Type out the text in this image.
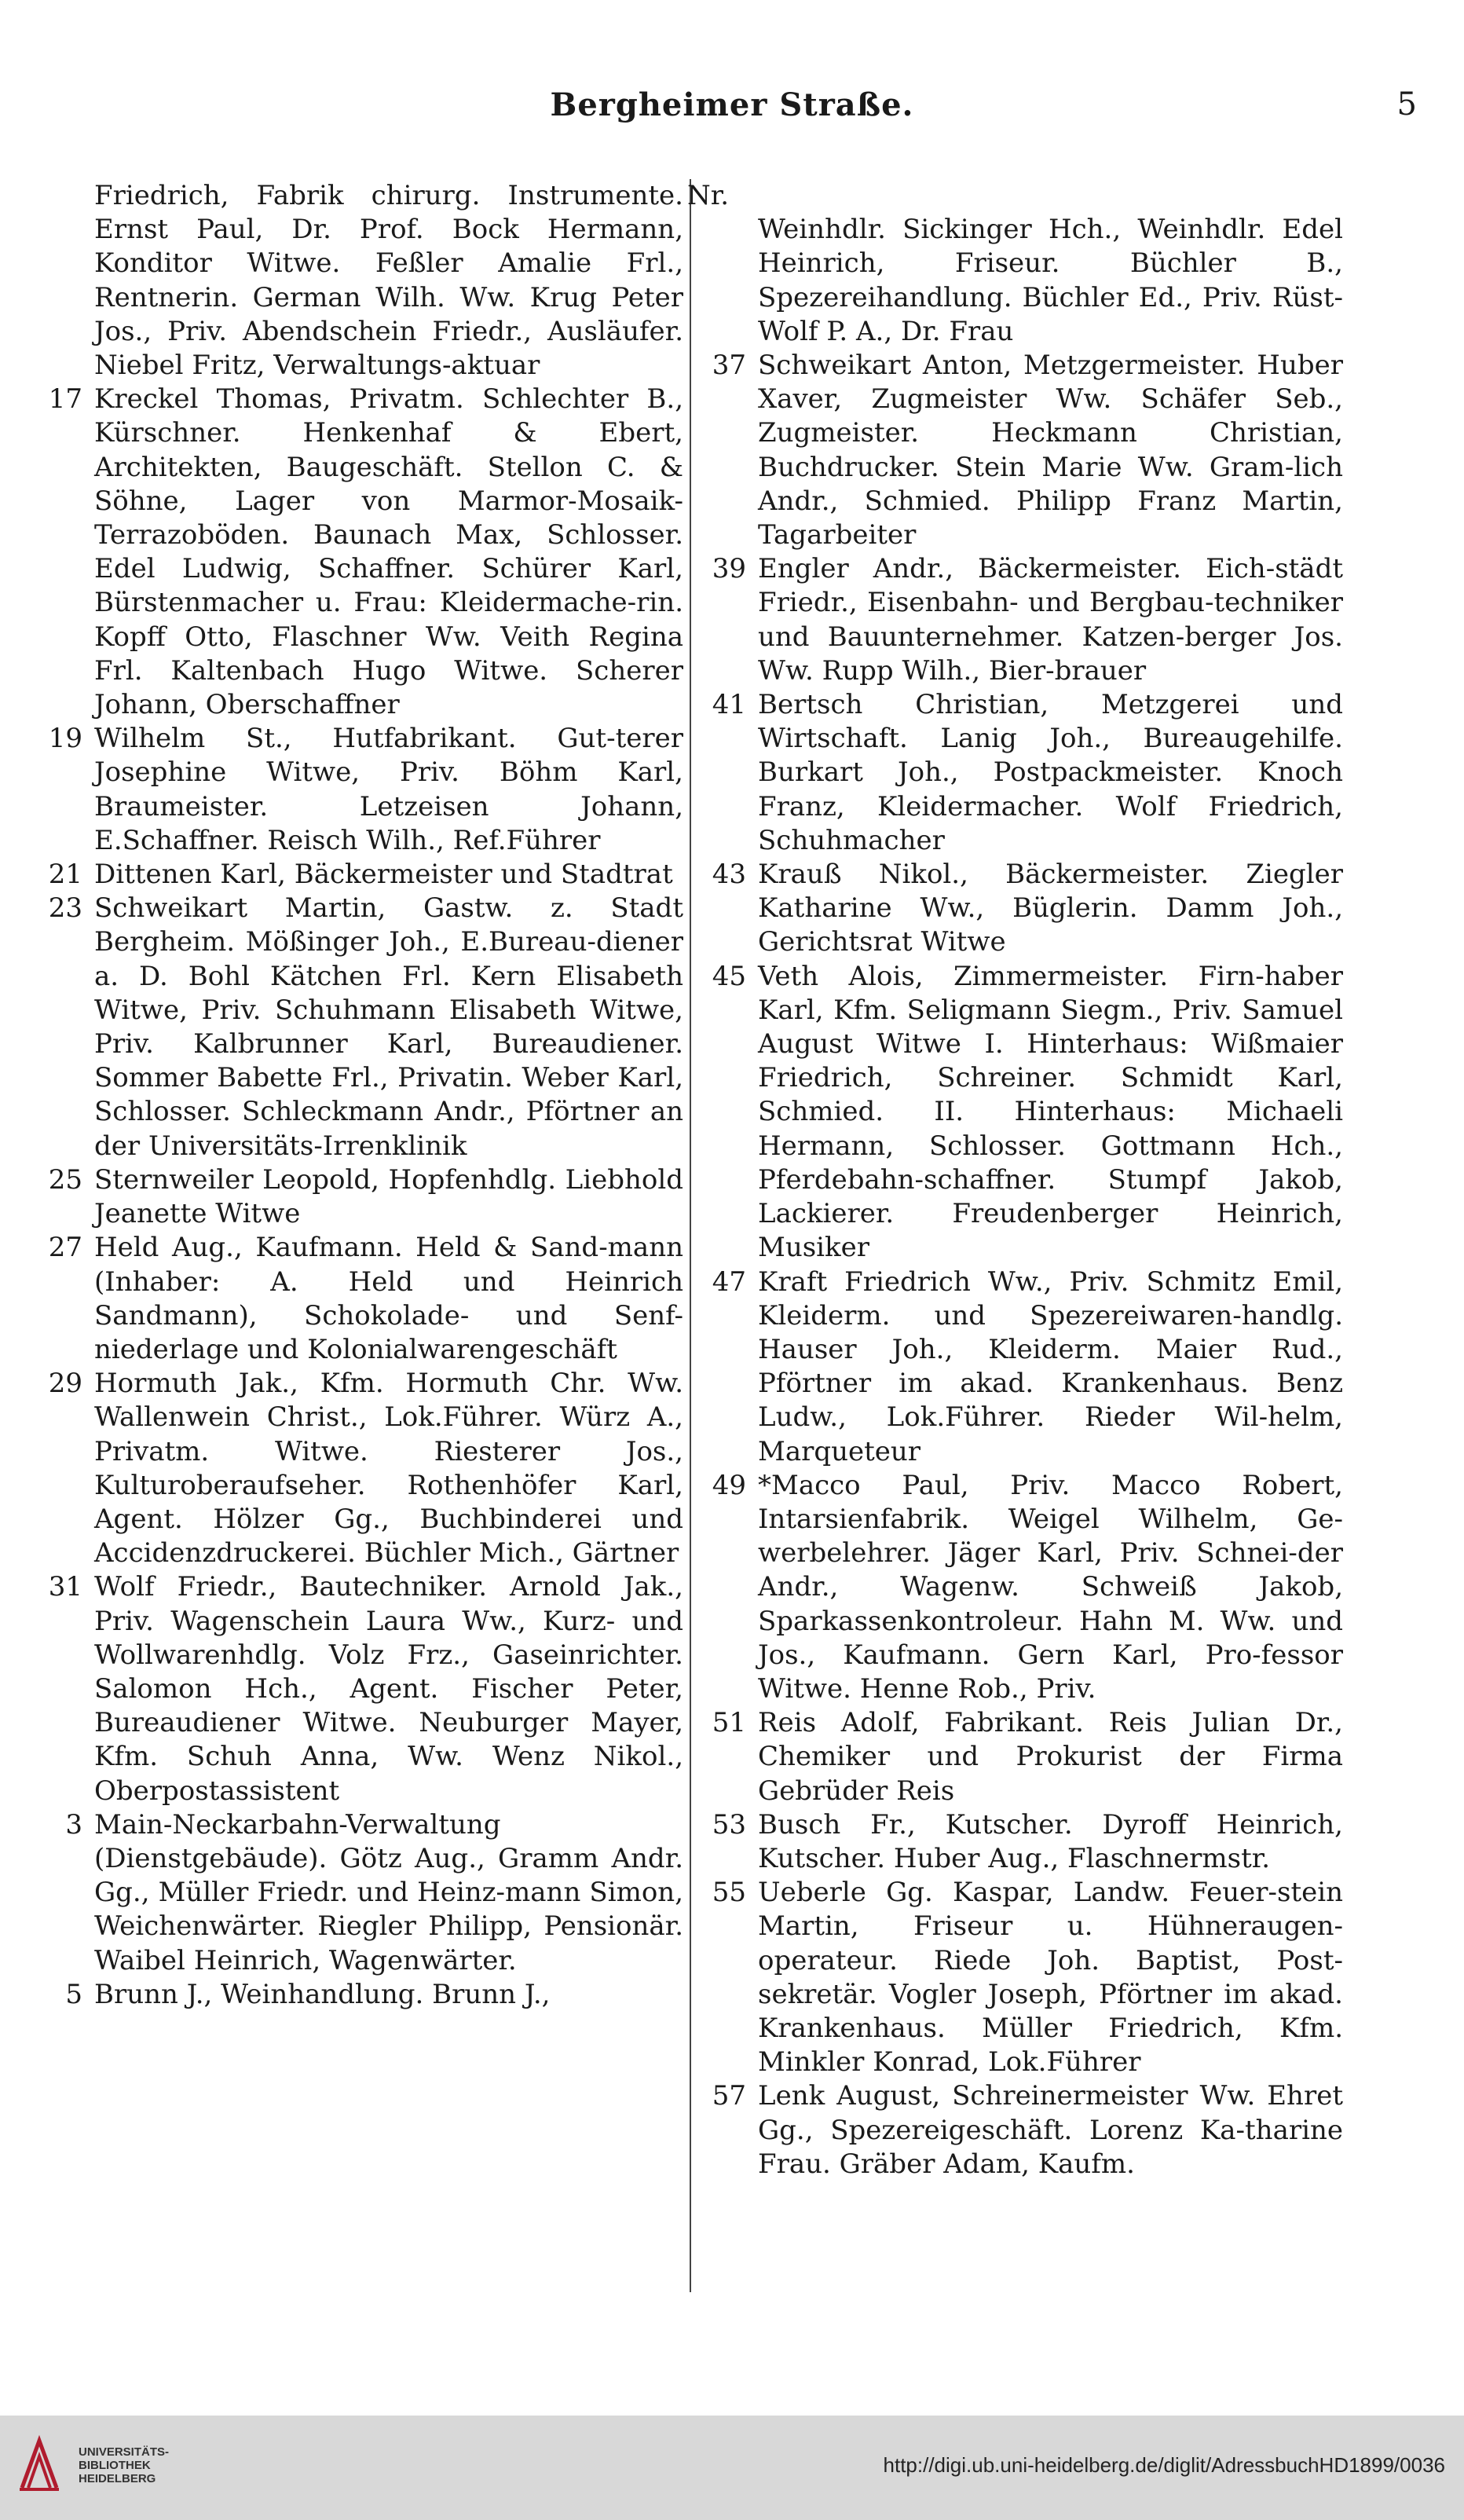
Bergheimer Straße.	5
Friedrich, Fabrik chirurg. Instrumente. Ernst Paul, Dr. Prof. Bock Hermann, Konditor Witwe. Feßler Amalie Frl., Rentnerin. German Wilh. Ww. Krug Peter Jos., Priv. Abendschein Friedr., Ausläufer. Niebel Fritz, Verwaltungs-aktuar
17 Kreckel Thomas, Privatm. Schlechter B., Kürschner. Henkenhaf & Ebert, Architekten, Baugeschäft. Stellon C. & Söhne, Lager von Marmor-Mosaik-Terrazoböden. Baunach Max, Schlosser. Edel Ludwig, Schaffner. Schürer Karl, Bürstenmacher u. Frau: Kleidermache-rin. Kopff Otto, Flaschner Ww. Veith Regina Frl. Kaltenbach Hugo Witwe. Scherer Johann, Oberschaffner
19 Wilhelm St., Hutfabrikant. Gut-terer Josephine Witwe, Priv. Böhm Karl, Braumeister. Letzeisen Johann, E.Schaffner. Reisch Wilh., Ref.Führer
21 Dittenen Karl, Bäckermeister und Stadtrat
23 Schweikart Martin, Gastw. z. Stadt Bergheim. Mößinger Joh., E.Bureau-diener a. D. Bohl Kätchen Frl. Kern Elisabeth Witwe, Priv. Schuhmann Elisabeth Witwe, Priv. Kalbrunner Karl, Bureaudiener. Sommer Babette Frl., Privatin. Weber Karl, Schlosser. Schleckmann Andr., Pförtner an der Universitäts-Irrenklinik
25 Sternweiler Leopold, Hopfenhdlg. Liebhold Jeanette Witwe
27 Held Aug., Kaufmann. Held & Sand-mann (Inhaber: A. Held und Heinrich Sandmann), Schokolade- und Senf-niederlage und Kolonialwarengeschäft
29 Hormuth Jak., Kfm. Hormuth Chr. Ww. Wallenwein Christ., Lok.Führer. Würz A., Privatm. Witwe. Riesterer Jos., Kulturoberaufseher. Rothenhöfer Karl, Agent. Hölzer Gg., Buchbinderei und Accidenzdruckerei. Büchler Mich., Gärtner
31 Wolf Friedr., Bautechniker. Arnold Jak., Priv. Wagenschein Laura Ww., Kurz- und Wollwarenhdlg. Volz Frz., Gaseinrichter. Salomon Hch., Agent. Fischer Peter, Bureaudiener Witwe. Neuburger Mayer, Kfm. Schuh Anna, Ww. Wenz Nikol., Oberpostassistent
3 Main-Neckarbahn-Verwaltung (Dienstgebäude). Götz Aug., Gramm Andr. Gg., Müller Friedr. und Heinz-mann Simon, Weichenwärter. Riegler Philipp, Pensionär. Waibel Heinrich, Wagenwärter.
5 Brunn J., Weinhandlung. Brunn J.,
Nr.
Weinhdlr. Sickinger Hch., Weinhdlr. Edel Heinrich, Friseur. Büchler B., Spezereihandlung. Büchler Ed., Priv. Rüst-Wolf P. A., Dr. Frau
37 Schweikart Anton, Metzgermeister. Huber Xaver, Zugmeister Ww. Schäfer Seb., Zugmeister. Heckmann Christian, Buchdrucker. Stein Marie Ww. Gram-lich Andr., Schmied. Philipp Franz Martin, Tagarbeiter
39 Engler Andr., Bäckermeister. Eich-städt Friedr., Eisenbahn- und Bergbau-techniker und Bauunternehmer. Katzen-berger Jos. Ww. Rupp Wilh., Bier-brauer
41 Bertsch Christian, Metzgerei und Wirtschaft. Lanig Joh., Bureaugehilfe. Burkart Joh., Postpackmeister. Knoch Franz, Kleidermacher. Wolf Friedrich, Schuhmacher
43 Krauß Nikol., Bäckermeister. Ziegler Katharine Ww., Büglerin. Damm Joh., Gerichtsrat Witwe
45 Veth Alois, Zimmermeister. Firn-haber Karl, Kfm. Seligmann Siegm., Priv. Samuel August Witwe I. Hinterhaus: Wißmaier Friedrich, Schreiner. Schmidt Karl, Schmied. II. Hinterhaus: Michaeli Hermann, Schlosser. Gottmann Hch., Pferdebahn-schaffner. Stumpf Jakob, Lackierer. Freudenberger Heinrich, Musiker
47 Kraft Friedrich Ww., Priv. Schmitz Emil, Kleiderm. und Spezereiwaren-handlg. Hauser Joh., Kleiderm. Maier Rud., Pförtner im akad. Krankenhaus. Benz Ludw., Lok.Führer. Rieder Wil-helm, Marqueteur
49 *Macco Paul, Priv. Macco Robert, Intarsienfabrik. Weigel Wilhelm, Ge-werbelehrer. Jäger Karl, Priv. Schnei-der Andr., Wagenw. Schweiß Jakob, Sparkassenkontroleur. Hahn M. Ww. und Jos., Kaufmann. Gern Karl, Pro-fessor Witwe. Henne Rob., Priv.
51 Reis Adolf, Fabrikant. Reis Julian Dr., Chemiker und Prokurist der Firma Gebrüder Reis
53 Busch Fr., Kutscher. Dyroff Heinrich, Kutscher. Huber Aug., Flaschnermstr.
55 Ueberle Gg. Kaspar, Landw. Feuer-stein Martin, Friseur u. Hühneraugen-operateur. Riede Joh. Baptist, Post-sekretär. Vogler Joseph, Pförtner im akad. Krankenhaus. Müller Friedrich, Kfm. Minkler Konrad, Lok.Führer
57 Lenk August, Schreinermeister Ww. Ehret Gg., Spezereigeschäft. Lorenz Ka-tharine Frau. Gräber Adam, Kaufm.
UNIVERSITÄTS-
BIBLIOTHEK
HEIDELBERG
http://digi.ub.uni-heidelberg.de/diglit/AdressbuchHD1899/0036
